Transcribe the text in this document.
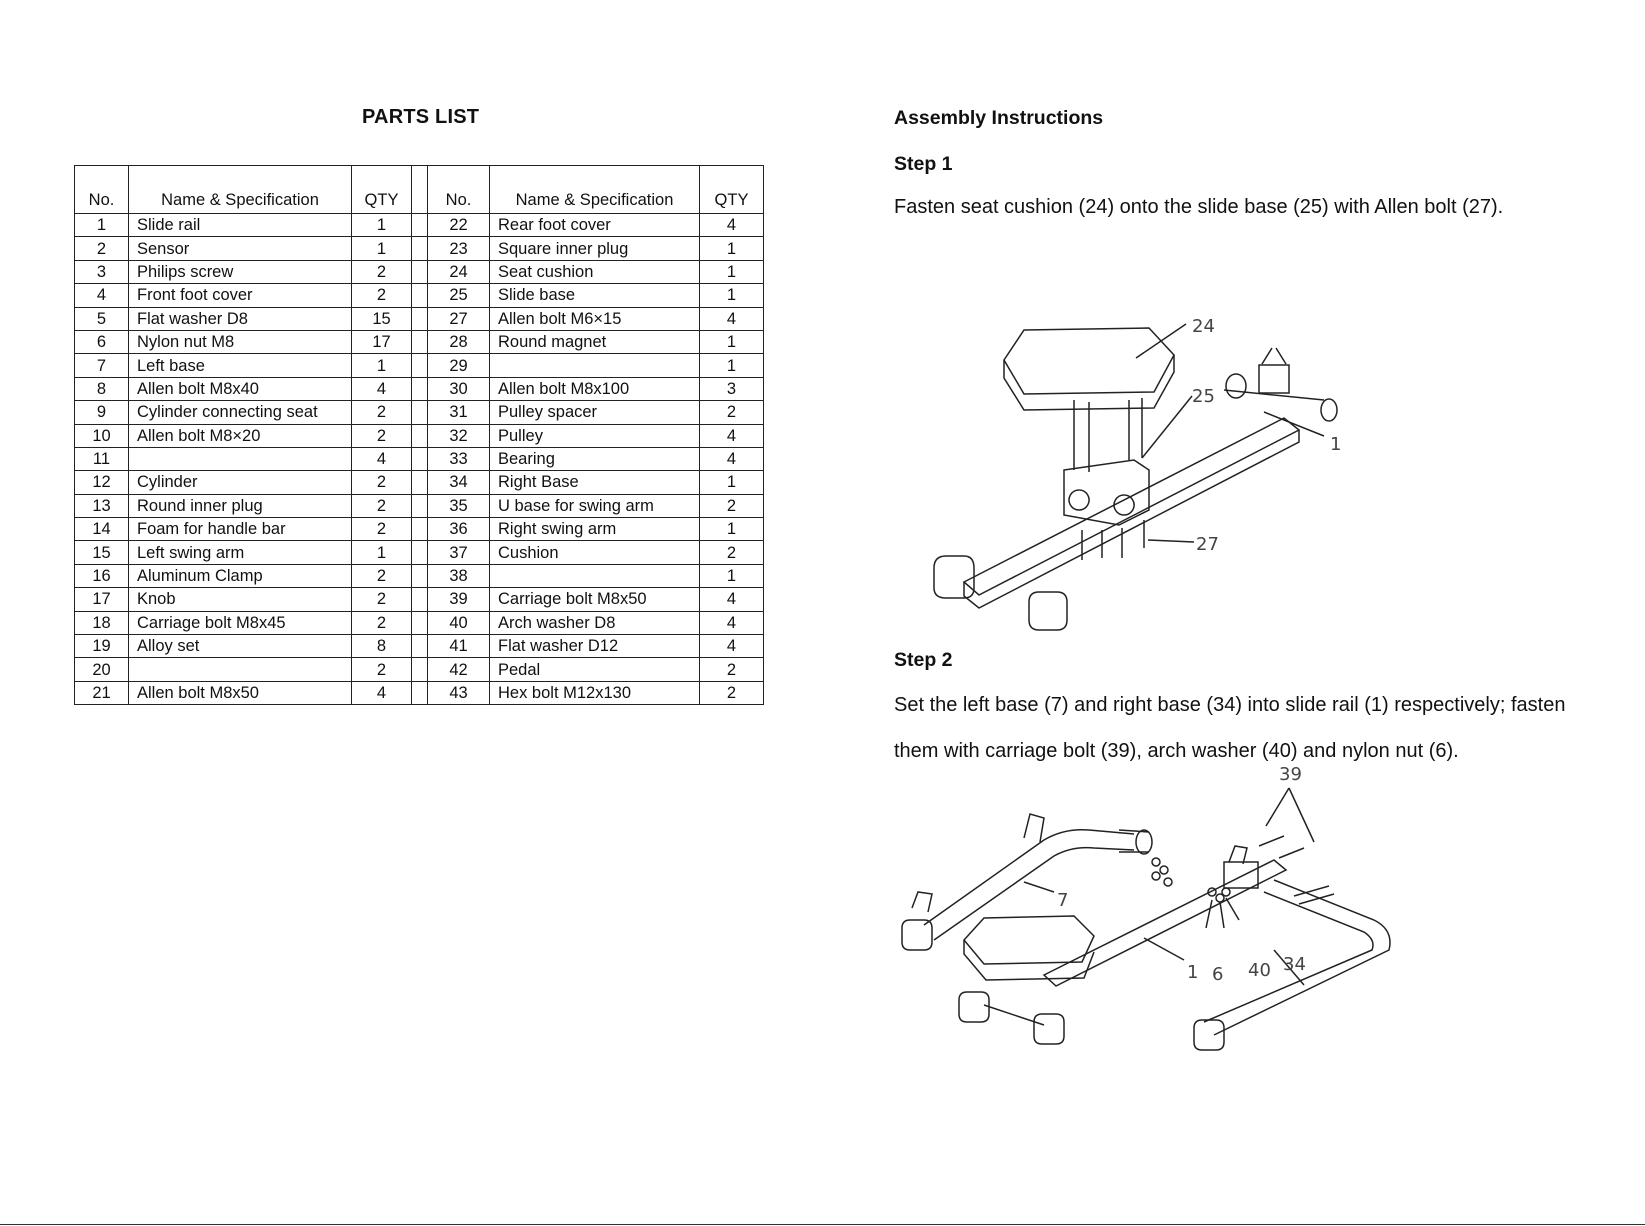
PARTS LIST
No.	Name & Specification	QTY		No.	Name & Specification	QTY
1	Slide rail	1		22	Rear foot cover	4
2	Sensor	1		23	Square inner plug	1
3	Philips screw	2		24	Seat cushion	1
4	Front foot cover	2		25	Slide base	1
5	Flat washer D8	15		27	Allen bolt M6×15	4
6	Nylon nut M8	17		28	Round magnet	1
7	Left base	1		29		1
8	Allen bolt M8x40	4		30	Allen bolt M8x100	3
9	Cylinder connecting seat	2		31	Pulley spacer	2
10	Allen bolt M8×20	2		32	Pulley	4
11		4		33	Bearing	4
12	Cylinder	2		34	Right Base	1
13	Round inner plug	2		35	U base for swing arm	2
14	Foam for handle bar	2		36	Right swing arm	1
15	Left swing arm	1		37	Cushion	2
16	Aluminum Clamp	2		38		1
17	Knob	2		39	Carriage bolt M8x50	4
18	Carriage bolt M8x45	2		40	Arch washer D8	4
19	Alloy set	8		41	Flat washer D12	4
20		2		42	Pedal	2
21	Allen bolt M8x50	4		43	Hex bolt M12x130	2
Assembly Instructions
Step 1
Fasten seat cushion (24) onto the slide base (25) with Allen bolt (27).
24
25
1
27
Step 2
Set the left base (7) and right base (34) into slide rail (1) respectively; fasten
them with carriage bolt (39), arch washer (40) and nylon nut (6).
39
7
1 6 40 34
